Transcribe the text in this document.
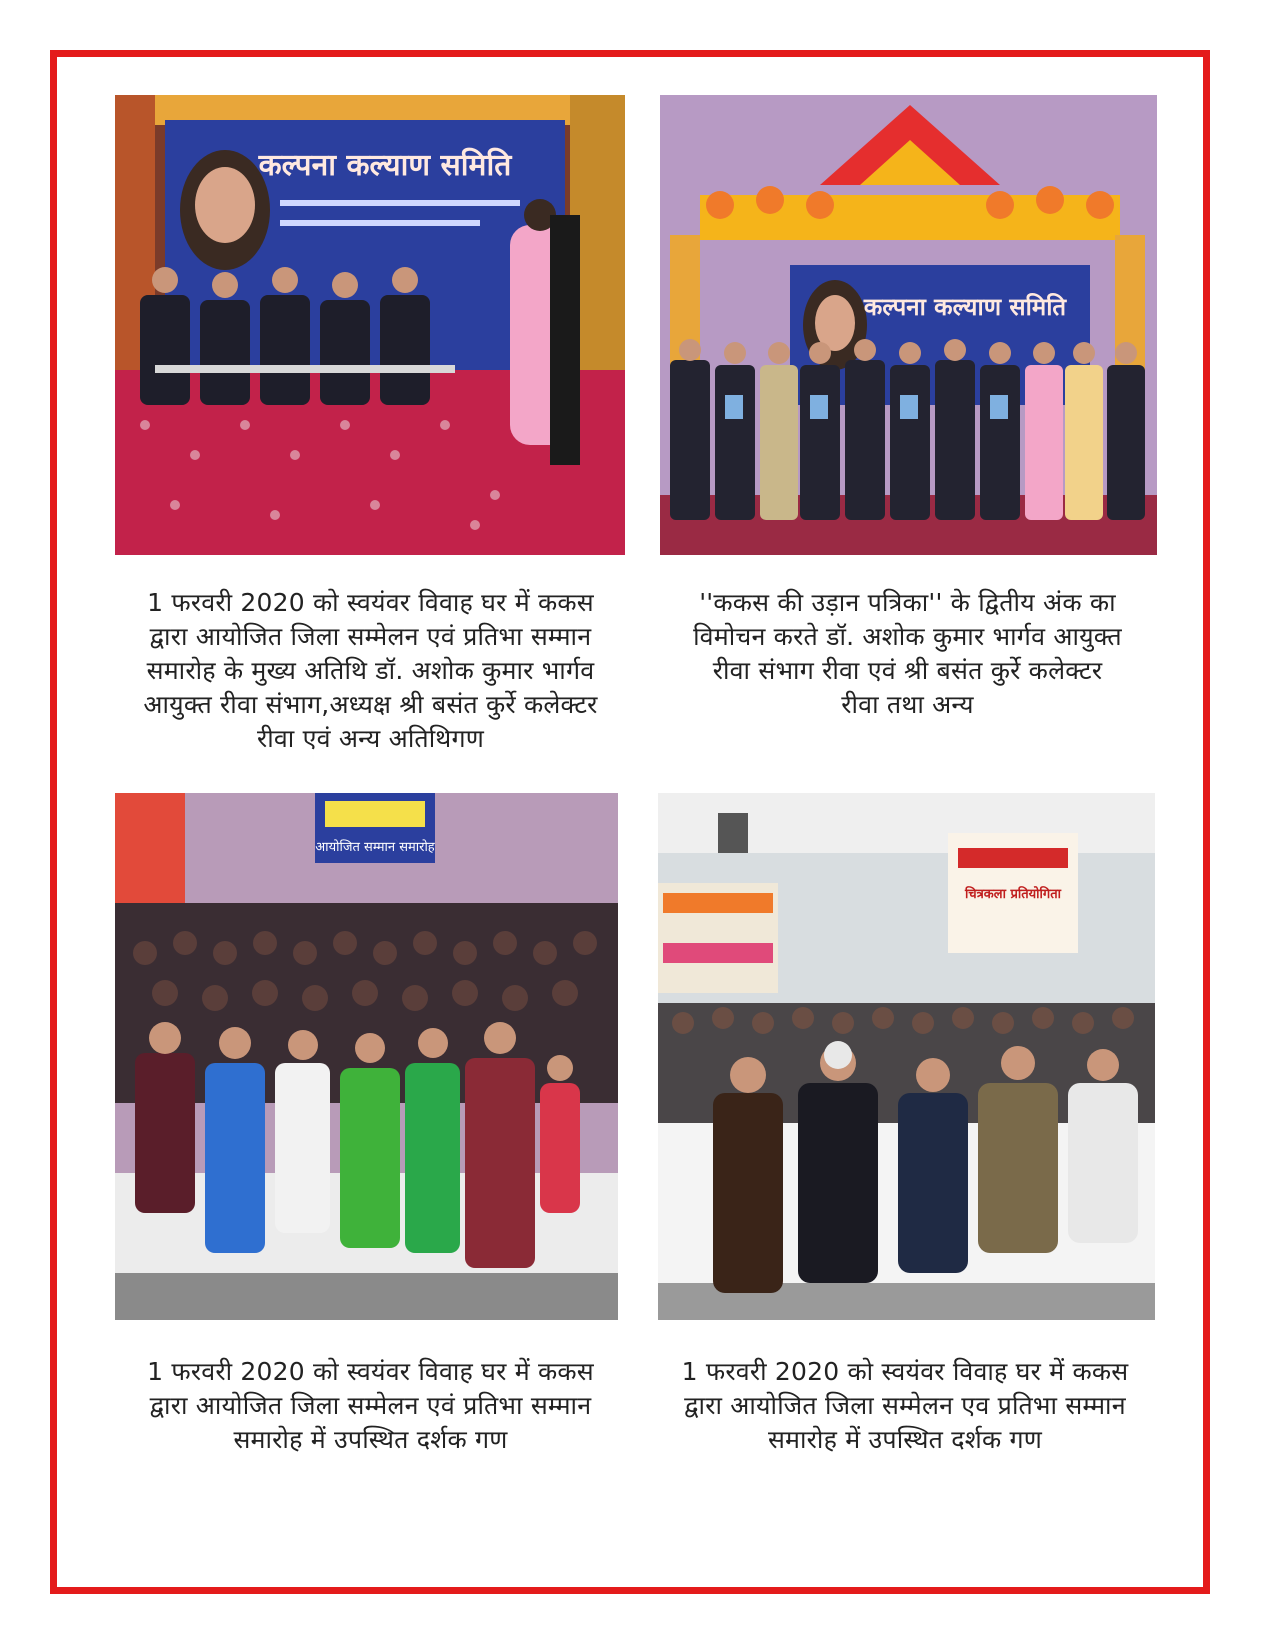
कल्पना कल्याण समिति
कल्पना कल्याण समिति
आयोजित सम्मान समारोह
चित्रकला प्रतियोगिता
1 फरवरी 2020 को स्वयंवर विवाह घर में ककस
द्वारा आयोजित जिला सम्मेलन एवं प्रतिभा सम्मान
समारोह के मुख्य अतिथि डॉ. अशोक कुमार भार्गव
आयुक्त रीवा संभाग,अध्यक्ष श्री बसंत कुर्रे कलेक्टर
रीवा एवं अन्य अतिथिगण
''ककस की उड़ान पत्रिका'' के द्वितीय अंक का
विमोचन करते डॉ. अशोक कुमार भार्गव आयुक्त
रीवा संभाग रीवा एवं श्री बसंत कुर्रे कलेक्टर
रीवा तथा अन्य
1 फरवरी 2020 को स्वयंवर विवाह घर में ककस
द्वारा आयोजित जिला सम्मेलन एवं प्रतिभा सम्मान
समारोह में उपस्थित दर्शक गण
1 फरवरी 2020 को स्वयंवर विवाह घर में ककस
द्वारा आयोजित जिला सम्मेलन एव प्रतिभा सम्मान
समारोह में उपस्थित दर्शक गण
